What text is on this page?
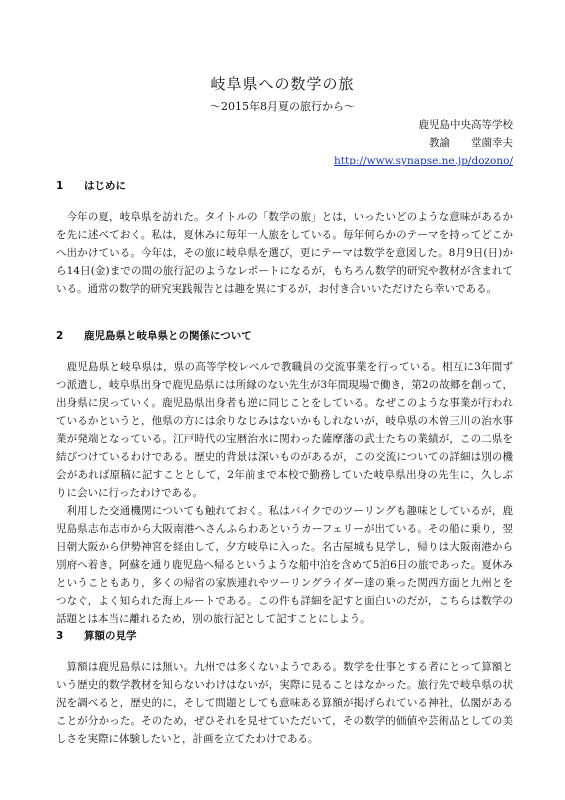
岐阜県への数学の旅
～2015年8月夏の旅行から～
鹿児島中央高等学校
教諭　　堂薗幸夫
http://www.synapse.ne.jp/dozono/
1 はじめに

今年の夏，岐阜県を訪れた。タイトルの「数学の旅」とは，いったいどのような意味があるかを先に述べておく。私は，夏休みに毎年一人旅をしている。毎年何らかのテーマを持ってどこかへ出かけている。今年は，その旅に岐阜県を選び，更にテーマは数学を意図した。8月9日(日)から14日(金)までの間の旅行記のようなレポートになるが，もちろん数学的研究や教材が含まれている。通常の数学的研究実践報告とは趣を異にするが，お付き合いいただけたら幸いである。

2 鹿児島県と岐阜県との関係について

鹿児島県と岐阜県は，県の高等学校レベルで教職員の交流事業を行っている。相互に3年間ずつ派遣し，岐阜県出身で鹿児島県には所縁のない先生が3年間現場で働き，第2の故郷を創って，出身県に戻っていく。鹿児島県出身者も逆に同じことをしている。なぜこのような事業が行われているかというと，他県の方には余りなじみはないかもしれないが，岐阜県の木曽三川の治水事業が発端となっている。江戸時代の宝暦治水に関わった薩摩藩の武士たちの業績が，この二県を結びつけているわけである。歴史的背景は深いものがあるが，この交流についての詳細は別の機会があれば原稿に記すこととして，2年前まで本校で勤務していた岐阜県出身の先生に，久しぶりに会いに行ったわけである。

利用した交通機関についても触れておく。私はバイクでのツーリングも趣味としているが，鹿児島県志布志市から大阪南港へさんふらわあというカーフェリーが出ている。その船に乗り，翌日朝大阪から伊勢神宮を経由して，夕方岐阜に入った。名古屋城も見学し，帰りは大阪南港から別府へ着き，阿蘇を通り鹿児島へ帰るというような船中泊を含めて5泊6日の旅であった。夏休みということもあり，多くの帰省の家族連れやツーリングライダー達の乗った関西方面と九州とをつなぐ，よく知られた海上ルートである。この件も詳細を記すと面白いのだが，こちらは数学の話題とは本当に離れるため，別の旅行記として記すことにしよう。

3 算額の見学

算額は鹿児島県には無い。九州では多くないようである。数学を仕事とする者にとって算額という歴史的数学教材を知らないわけはないが，実際に見ることはなかった。旅行先で岐阜県の状況を調べると，歴史的に，そして問題としても意味ある算額が掲げられている神社，仏閣があることが分かった。そのため，ぜひそれを見せていただいて，その数学的価値や芸術品としての美しさを実際に体験したいと，計画を立てたわけである。
